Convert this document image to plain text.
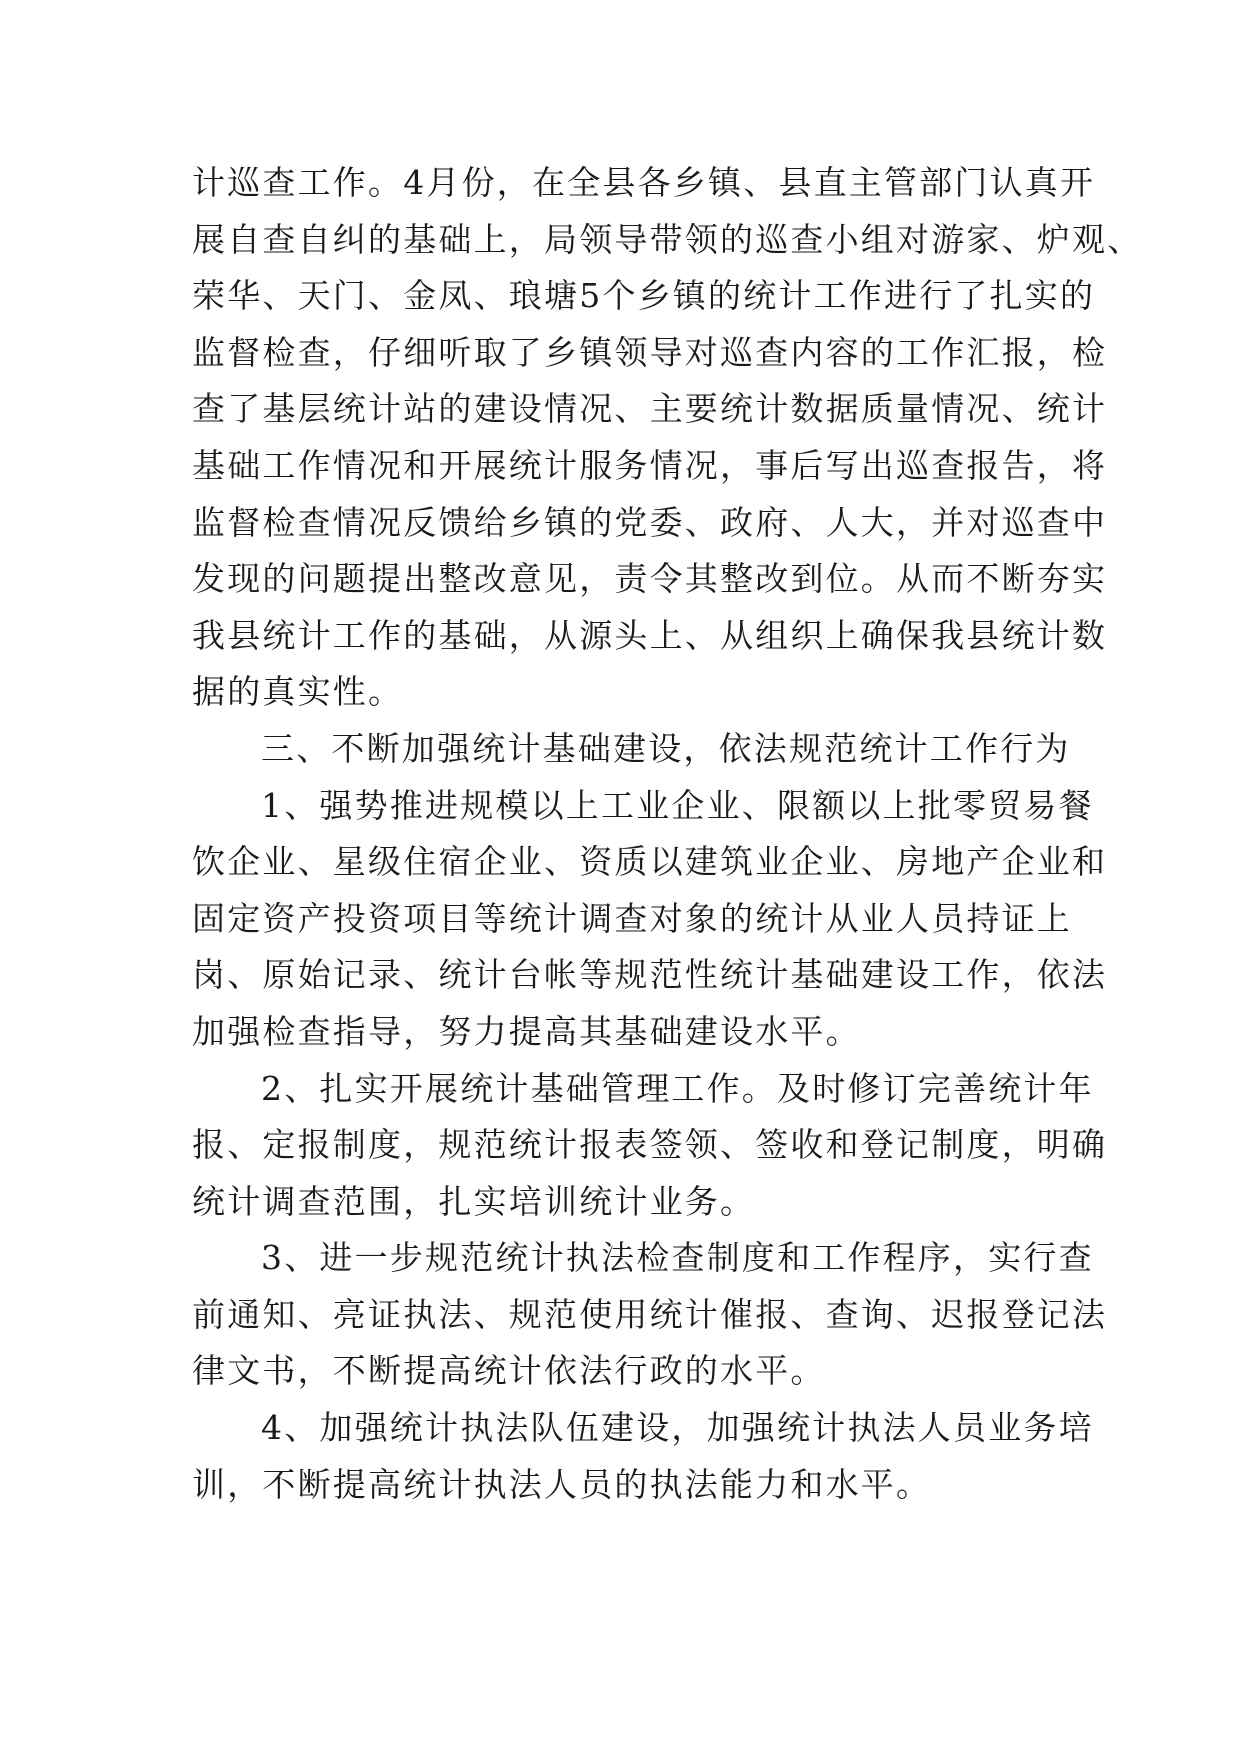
计巡查工作。4月份，在全县各乡镇、县直主管部门认真开
展自查自纠的基础上，局领导带领的巡查小组对游家、炉观、
荣华、天门、金凤、琅塘5个乡镇的统计工作进行了扎实的
监督检查，仔细听取了乡镇领导对巡查内容的工作汇报，检
查了基层统计站的建设情况、主要统计数据质量情况、统计
基础工作情况和开展统计服务情况，事后写出巡查报告，将
监督检查情况反馈给乡镇的党委、政府、人大，并对巡查中
发现的问题提出整改意见，责令其整改到位。从而不断夯实
我县统计工作的基础，从源头上、从组织上确保我县统计数
据的真实性。
三、不断加强统计基础建设，依法规范统计工作行为
1、强势推进规模以上工业企业、限额以上批零贸易餐
饮企业、星级住宿企业、资质以建筑业企业、房地产企业和
固定资产投资项目等统计调查对象的统计从业人员持证上
岗、原始记录、统计台帐等规范性统计基础建设工作，依法
加强检查指导，努力提高其基础建设水平。
2、扎实开展统计基础管理工作。及时修订完善统计年
报、定报制度，规范统计报表签领、签收和登记制度，明确
统计调查范围，扎实培训统计业务。
3、进一步规范统计执法检查制度和工作程序，实行查
前通知、亮证执法、规范使用统计催报、查询、迟报登记法
律文书，不断提高统计依法行政的水平。
4、加强统计执法队伍建设，加强统计执法人员业务培
训，不断提高统计执法人员的执法能力和水平。
